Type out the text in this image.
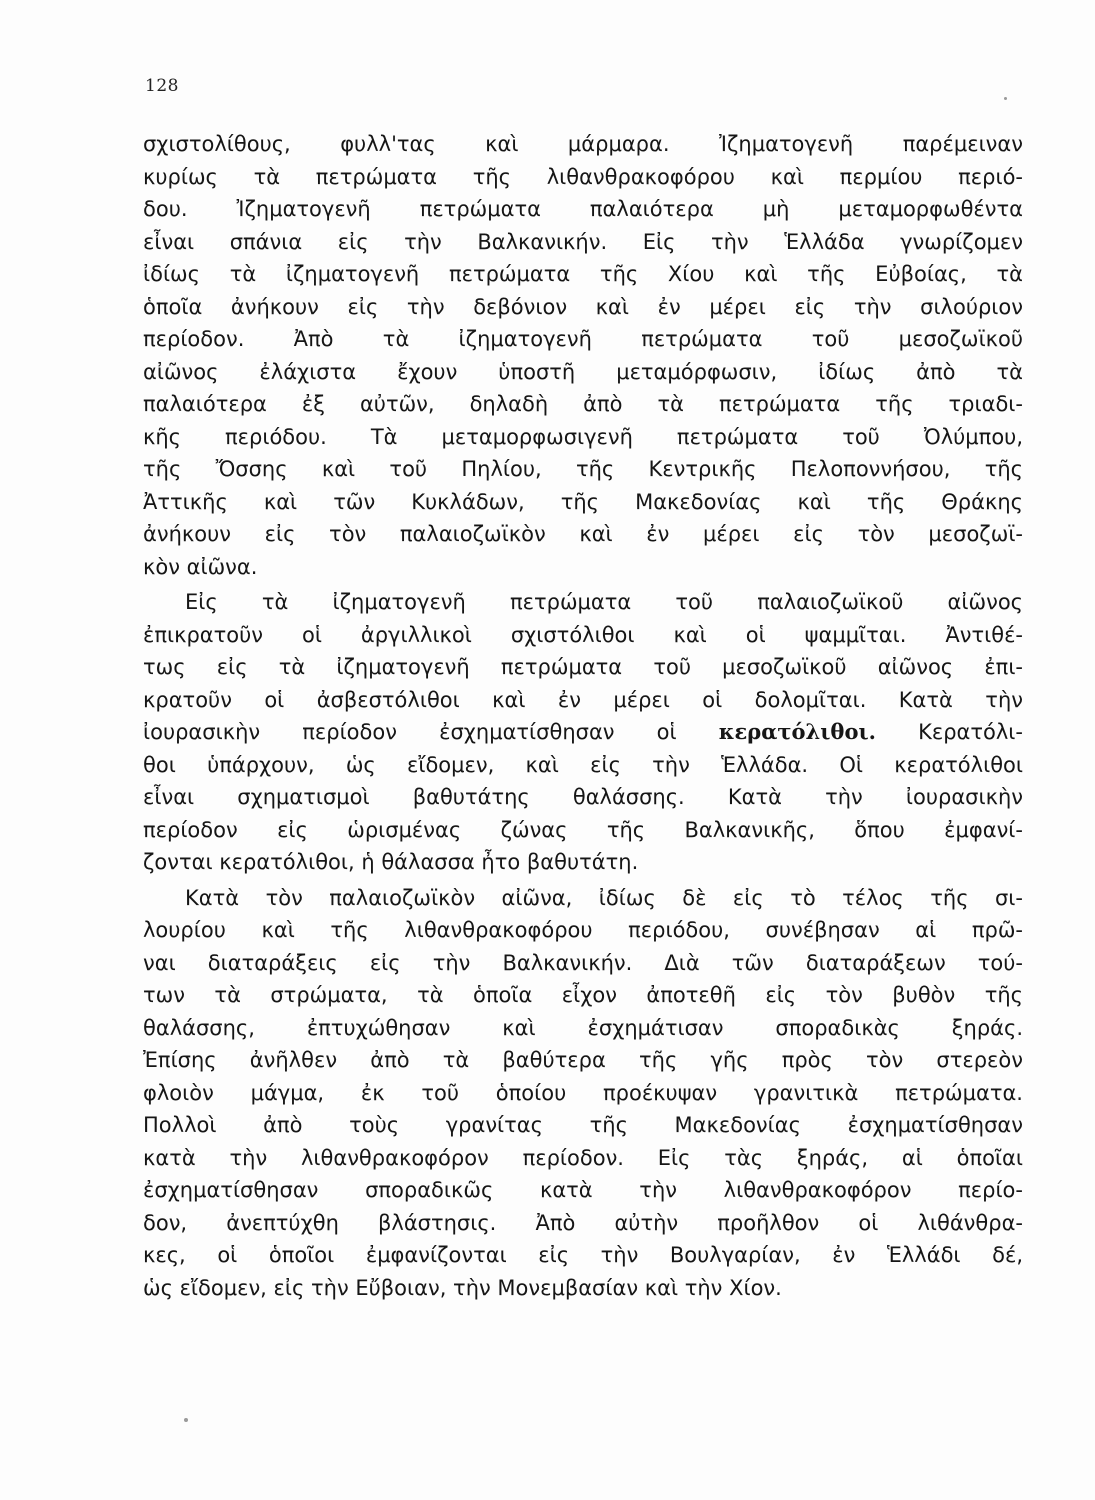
128
σχιστολίθους, φυλλ'τας καὶ μάρμαρα. Ἰζηματογενῆ παρέμειναν
κυρίως τὰ πετρώματα τῆς λιθανθρακοφόρου καὶ περμίου περιό-
δου. Ἰζηματογενῆ πετρώματα παλαιότερα μὴ μεταμορφωθέντα
εἶναι σπάνια εἰς τὴν Βαλκανικήν. Εἰς τὴν Ἑλλάδα γνωρίζομεν
ἰδίως τὰ ἰζηματογενῆ πετρώματα τῆς Χίου καὶ τῆς Εὐβοίας, τὰ
ὁποῖα ἀνήκουν εἰς τὴν δεβόνιον καὶ ἐν μέρει εἰς τὴν σιλούριον
περίοδον. Ἀπὸ τὰ ἰζηματογενῆ πετρώματα τοῦ μεσοζωϊκοῦ
αἰῶνος ἐλάχιστα ἔχουν ὑποστῆ μεταμόρφωσιν, ἰδίως ἀπὸ τὰ
παλαιότερα ἐξ αὐτῶν, δηλαδὴ ἀπὸ τὰ πετρώματα τῆς τριαδι-
κῆς περιόδου. Τὰ μεταμορφωσιγενῆ πετρώματα τοῦ Ὀλύμπου,
τῆς Ὄσσης καὶ τοῦ Πηλίου, τῆς Κεντρικῆς Πελοποννήσου, τῆς
Ἀττικῆς καὶ τῶν Κυκλάδων, τῆς Μακεδονίας καὶ τῆς Θράκης
ἀνήκουν εἰς τὸν παλαιοζωϊκὸν καὶ ἐν μέρει εἰς τὸν μεσοζωϊ-
κὸν αἰῶνα.
Εἰς τὰ ἰζηματογενῆ πετρώματα τοῦ παλαιοζωϊκοῦ αἰῶνος
ἐπικρατοῦν οἱ ἀργιλλικοὶ σχιστόλιθοι καὶ οἱ ψαμμῖται. Ἀντιθέ-
τως εἰς τὰ ἰζηματογενῆ πετρώματα τοῦ μεσοζωϊκοῦ αἰῶνος ἐπι-
κρατοῦν οἱ ἀσβεστόλιθοι καὶ ἐν μέρει οἱ δολομῖται. Κατὰ τὴν
ἰουρασικὴν περίοδον ἐσχηματίσθησαν οἱ κερατόλιθοι. Κερατόλι-
θοι ὑπάρχουν, ὡς εἴδομεν, καὶ εἰς τὴν Ἑλλάδα. Οἱ κερατόλιθοι
εἶναι σχηματισμοὶ βαθυτάτης θαλάσσης. Κατὰ τὴν ἰουρασικὴν
περίοδον εἰς ὡρισμένας ζώνας τῆς Βαλκανικῆς, ὅπου ἐμφανί-
ζονται κερατόλιθοι, ἡ θάλασσα ἦτο βαθυτάτη.
Κατὰ τὸν παλαιοζωϊκὸν αἰῶνα, ἰδίως δὲ εἰς τὸ τέλος τῆς σι-
λουρίου καὶ τῆς λιθανθρακοφόρου περιόδου, συνέβησαν αἱ πρῶ-
ναι διαταράξεις εἰς τὴν Βαλκανικήν. Διὰ τῶν διαταράξεων τού-
των τὰ στρώματα, τὰ ὁποῖα εἶχον ἀποτεθῆ εἰς τὸν βυθὸν τῆς
θαλάσσης, ἐπτυχώθησαν καὶ ἐσχημάτισαν σποραδικὰς ξηράς.
Ἐπίσης ἀνῆλθεν ἀπὸ τὰ βαθύτερα τῆς γῆς πρὸς τὸν στερεὸν
φλοιὸν μάγμα, ἐκ τοῦ ὁποίου προέκυψαν γρανιτικὰ πετρώματα.
Πολλοὶ ἀπὸ τοὺς γρανίτας τῆς Μακεδονίας ἐσχηματίσθησαν
κατὰ τὴν λιθανθρακοφόρον περίοδον. Εἰς τὰς ξηράς, αἱ ὁποῖαι
ἐσχηματίσθησαν σποραδικῶς κατὰ τὴν λιθανθρακοφόρον περίο-
δον, ἀνεπτύχθη βλάστησις. Ἀπὸ αὐτὴν προῆλθον οἱ λιθάνθρα-
κες, οἱ ὁποῖοι ἐμφανίζονται εἰς τὴν Βουλγαρίαν, ἐν Ἑλλάδι δέ,
ὡς εἴδομεν, εἰς τὴν Εὔβοιαν, τὴν Μονεμβασίαν καὶ τὴν Χίον.
